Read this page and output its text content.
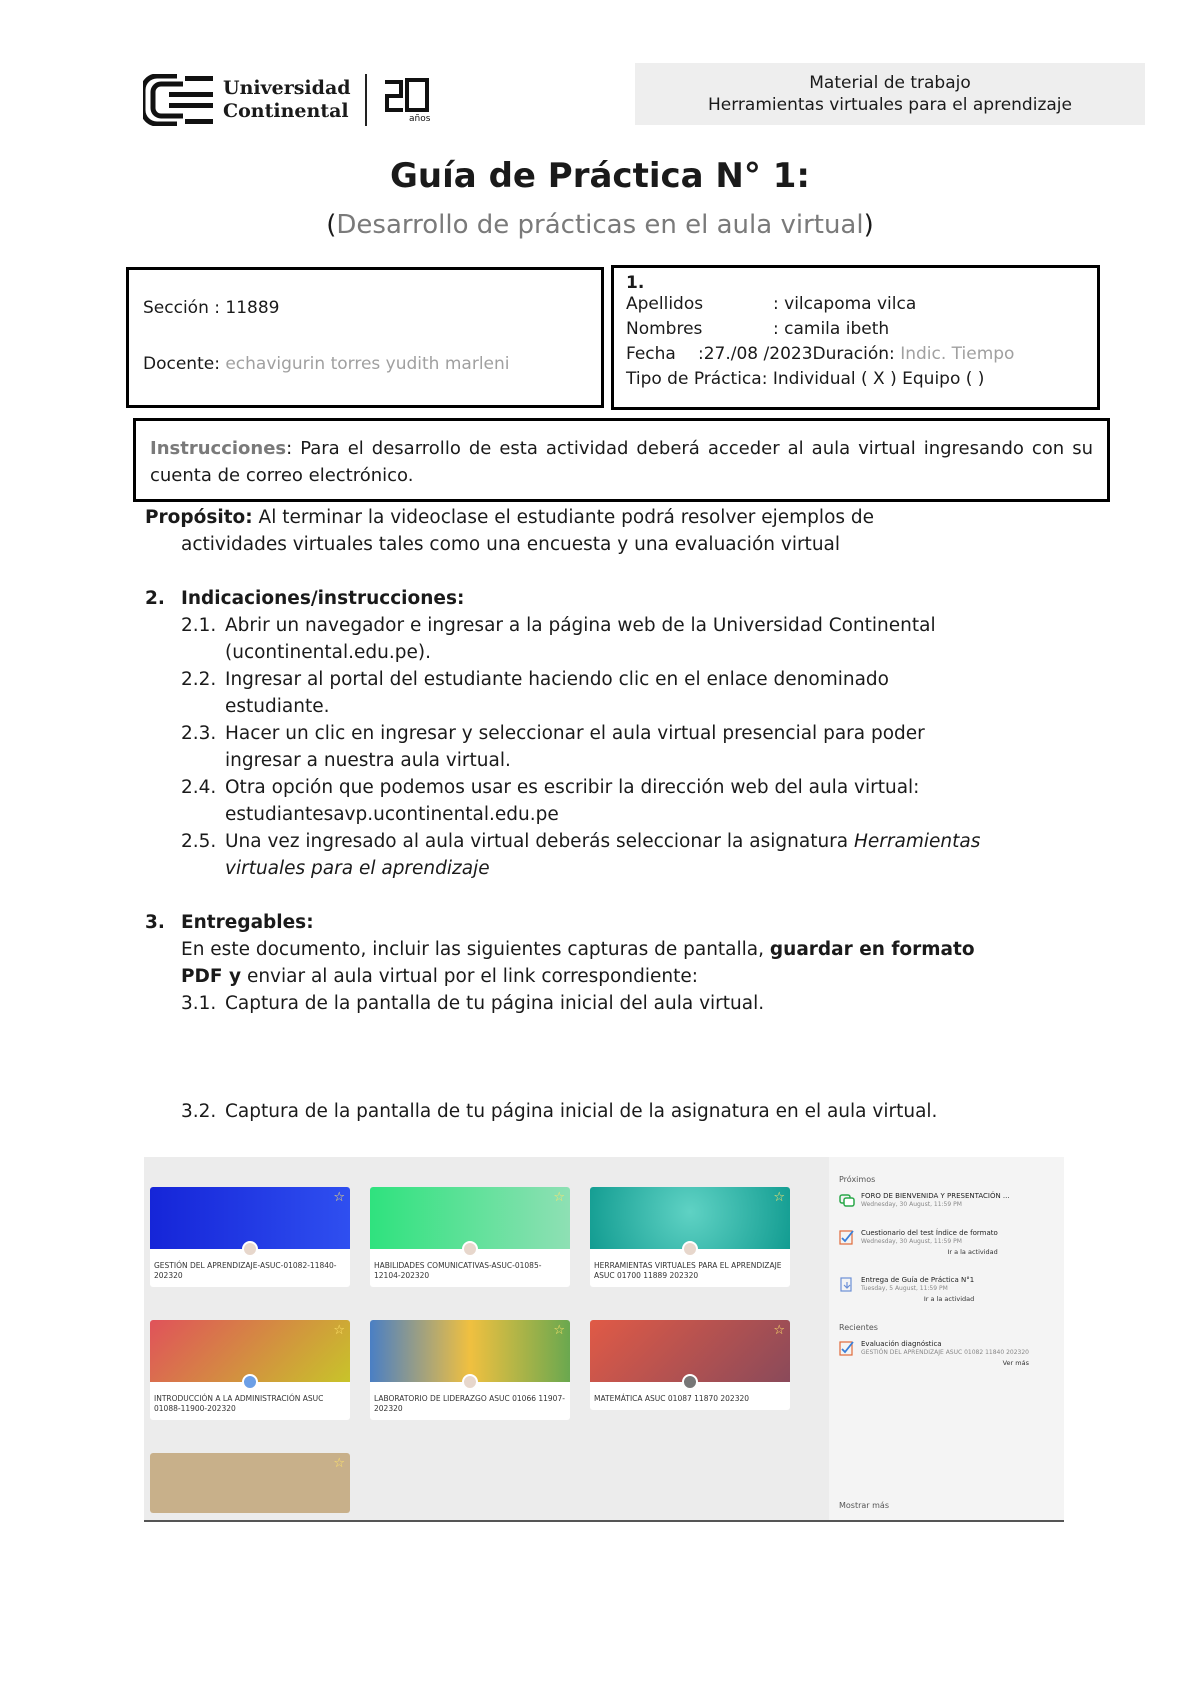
Universidad
Continental	años
Material de trabajo
Herramientas virtuales para el aprendizaje
Guía de Práctica N° 1:
(Desarrollo de prácticas en el aula virtual)
Sección : 11889
Docente: echavigurin torres yudith marleni
1.
Apellidos	: vilcapoma vilca
Nombres	: camila ibeth
Fecha :27./08 /2023Duración: Indic. Tiempo
Tipo de Práctica: Individual ( X ) Equipo ( )
Instrucciones: Para el desarrollo de esta actividad deberá acceder al aula virtual ingresando con su cuenta de correo electrónico.
Propósito: Al terminar la videoclase el estudiante podrá resolver ejemplos de
actividades virtuales tales como una encuesta y una evaluación virtual
2. Indicaciones/instrucciones:
2.1. Abrir un navegador e ingresar a la página web de la Universidad Continental
(ucontinental.edu.pe).
2.2. Ingresar al portal del estudiante haciendo clic en el enlace denominado
estudiante.
2.3. Hacer un clic en ingresar y seleccionar el aula virtual presencial para poder
ingresar a nuestra aula virtual.
2.4. Otra opción que podemos usar es escribir la dirección web del aula virtual:
estudiantesavp.ucontinental.edu.pe
2.5. Una vez ingresado al aula virtual deberás seleccionar la asignatura Herramientas
virtuales para el aprendizaje
3. Entregables:
En este documento, incluir las siguientes capturas de pantalla, guardar en formato
PDF y enviar al aula virtual por el link correspondiente:
3.1. Captura de la pantalla de tu página inicial del aula virtual.
3.2. Captura de la pantalla de tu página inicial de la asignatura en el aula virtual.
☆
GESTIÓN DEL APRENDIZAJE-ASUC-01082-11840-202320
☆
HABILIDADES COMUNICATIVAS-ASUC-01085-12104-202320
☆
HERRAMIENTAS VIRTUALES PARA EL APRENDIZAJE ASUC 01700 11889 202320
☆
INTRODUCCIÓN A LA ADMINISTRACIÓN ASUC 01088-11900-202320
☆
LABORATORIO DE LIDERAZGO ASUC 01066 11907-202320
☆
MATEMÁTICA ASUC 01087 11870 202320
☆
Próximos
FORO DE BIENVENIDA Y PRESENTACIÓN ...
Wednesday, 30 August, 11:59 PM
Cuestionario del test Índice de formato
Wednesday, 30 August, 11:59 PM
Ir a la actividad
Entrega de Guía de Práctica N°1
Tuesday, 5 August, 11:59 PM
Ir a la actividad
Recientes
Evaluación diagnóstica
GESTIÓN DEL APRENDIZAJE ASUC 01082 11840 202320
Ver más
Mostrar más
